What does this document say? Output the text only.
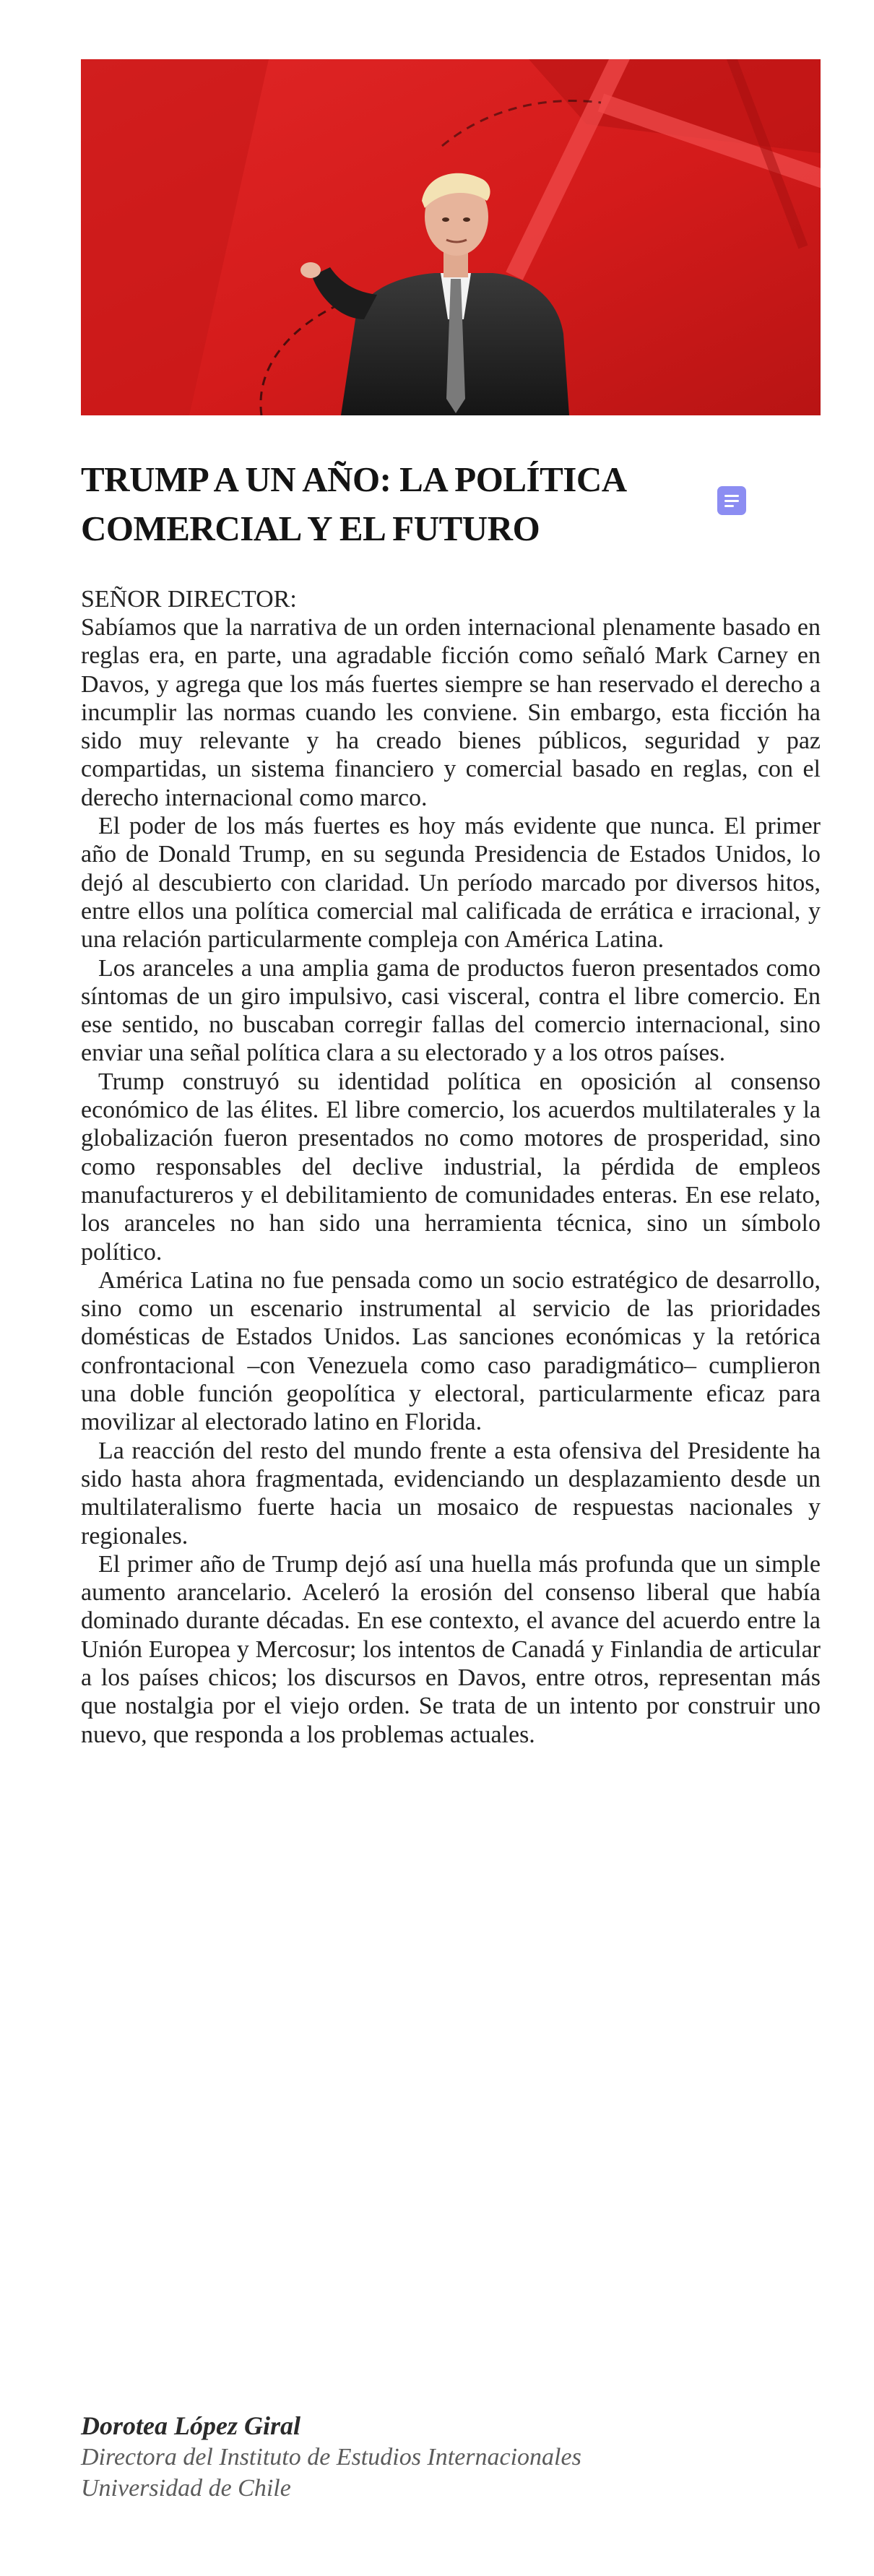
TRUMP A UN AÑO: LA POLÍTICA COMERCIAL Y EL FUTURO

SEÑOR DIRECTOR:

Sabíamos que la narrativa de un orden internacional plenamente basado en reglas era, en parte, una agradable ficción como señaló Mark Carney en Davos, y agrega que los más fuertes siempre se han reservado el derecho a incumplir las normas cuando les conviene. Sin embargo, esta ficción ha sido muy relevante y ha creado bienes públicos, seguridad y paz compartidas, un sistema financiero y comercial basado en reglas, con el derecho internacional como marco.

El poder de los más fuertes es hoy más evidente que nunca. El primer año de Donald Trump, en su segunda Presidencia de Estados Unidos, lo dejó al descubierto con claridad. Un período marcado por diversos hitos, entre ellos una política comercial mal calificada de errática e irracional, y una relación particularmente compleja con América Latina.

Los aranceles a una amplia gama de productos fueron presentados como síntomas de un giro impulsivo, casi visceral, contra el libre comercio. En ese sentido, no buscaban corregir fallas del comercio internacional, sino enviar una señal política clara a su electorado y a los otros países.

Trump construyó su identidad política en oposición al consenso económico de las élites. El libre comercio, los acuerdos multilaterales y la globalización fueron presentados no como motores de prosperidad, sino como responsables del declive industrial, la pérdida de empleos manufactureros y el debilitamiento de comunidades enteras. En ese relato, los aranceles no han sido una herramienta técnica, sino un símbolo político.

América Latina no fue pensada como un socio estratégico de desarrollo, sino como un escenario instrumental al servicio de las prioridades domésticas de Estados Unidos. Las sanciones económicas y la retórica confrontacional –con Venezuela como caso paradigmático– cumplieron una doble función geopolítica y electoral, particularmente eficaz para movilizar al electorado latino en Florida.

La reacción del resto del mundo frente a esta ofensiva del Presidente ha sido hasta ahora fragmentada, evidenciando un desplazamiento desde un multilateralismo fuerte hacia un mosaico de respuestas nacionales y regionales.

El primer año de Trump dejó así una huella más profunda que un simple aumento arancelario. Aceleró la erosión del consenso liberal que había dominado durante décadas. En ese contexto, el avance del acuerdo entre la Unión Europea y Mercosur; los intentos de Canadá y Finlandia de articular a los países chicos; los discursos en Davos, entre otros, representan más que nostalgia por el viejo orden. Se trata de un intento por construir uno nuevo, que responda a los problemas actuales.

Dorotea López Giral

Directora del Instituto de Estudios Internacionales

Universidad de Chile
